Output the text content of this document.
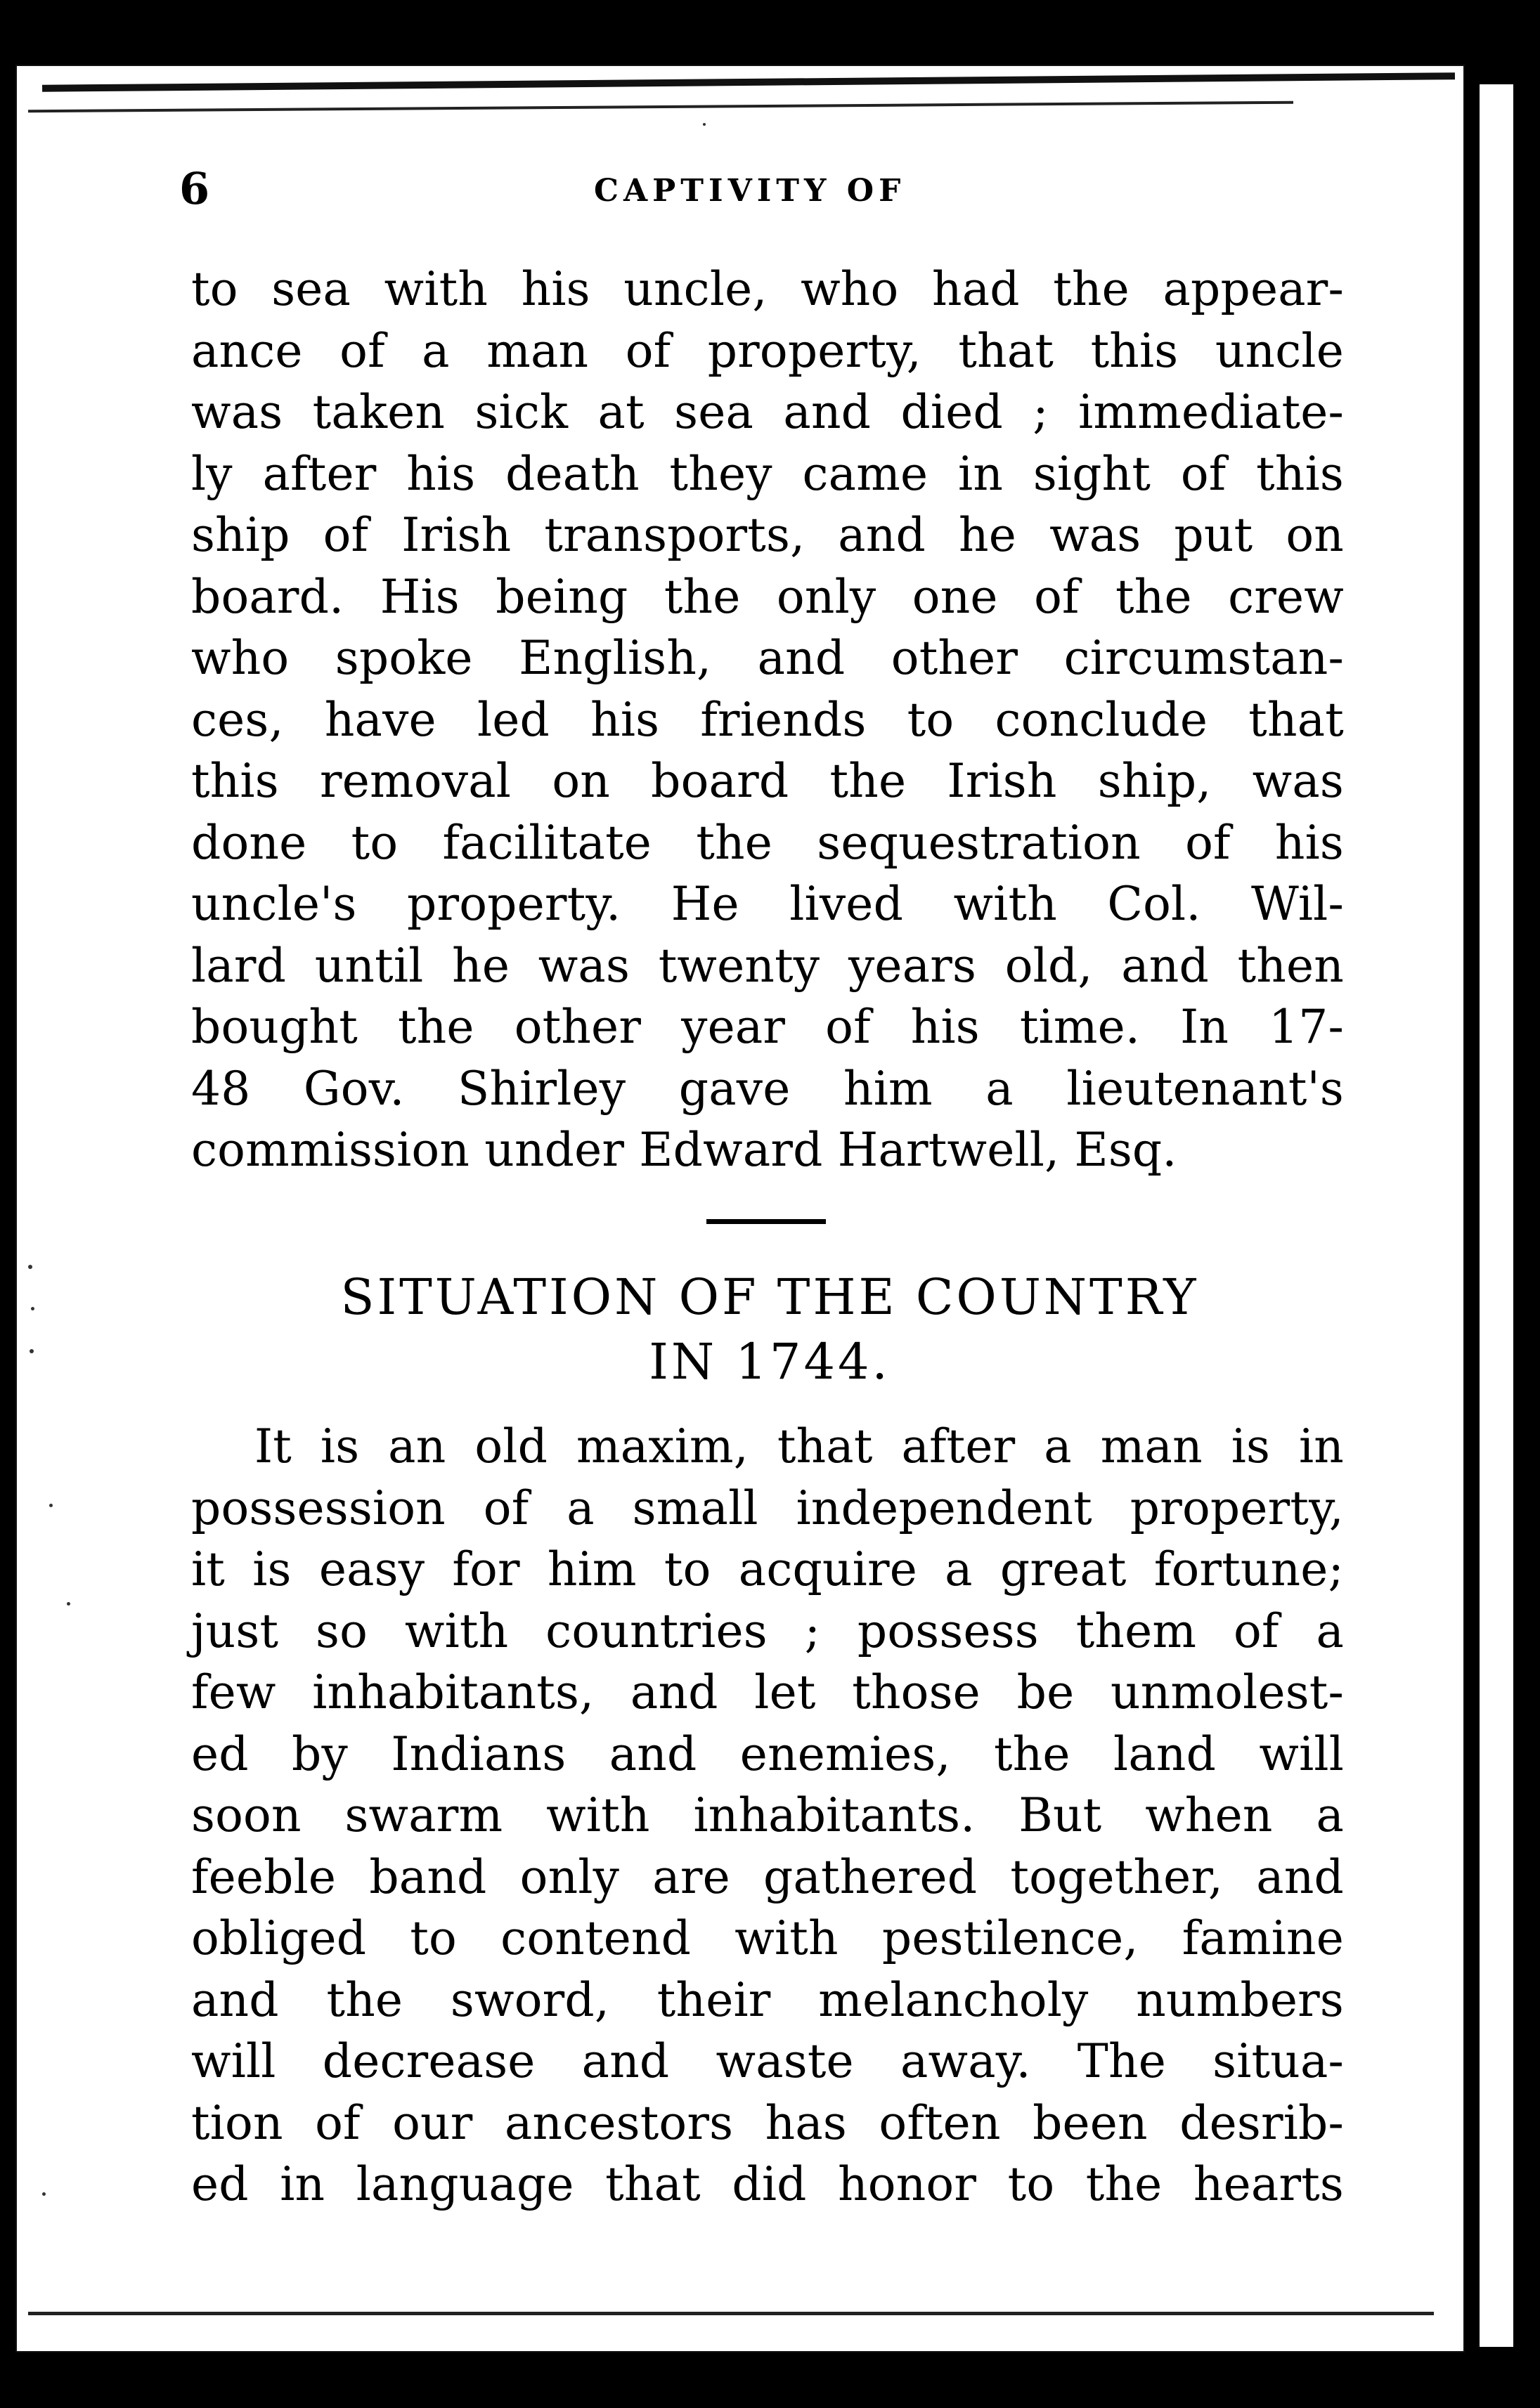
6	CAPTIVITY OF
to sea with his uncle, who had the appear-
ance of a man of property, that this uncle
was taken sick at sea and died ; immediate-
ly after his death they came in sight of this
ship of Irish transports, and he was put on
board. His being the only one of the crew
who spoke English, and other circumstan-
ces, have led his friends to conclude that
this removal on board the Irish ship, was
done to facilitate the sequestration of his
uncle's property. He lived with Col. Wil-
lard until he was twenty years old, and then
bought the other year of his time. In 17-
48 Gov. Shirley gave him a lieutenant's
commission under Edward Hartwell, Esq.
SITUATION OF THE COUNTRY
IN 1744.
It is an old maxim, that after a man is in
possession of a small independent property,
it is easy for him to acquire a great fortune;
just so with countries ; possess them of a
few inhabitants, and let those be unmolest-
ed by Indians and enemies, the land will
soon swarm with inhabitants. But when a
feeble band only are gathered together, and
obliged to contend with pestilence, famine
and the sword, their melancholy numbers
will decrease and waste away. The situa-
tion of our ancestors has often been desrib-
ed in language that did honor to the hearts
